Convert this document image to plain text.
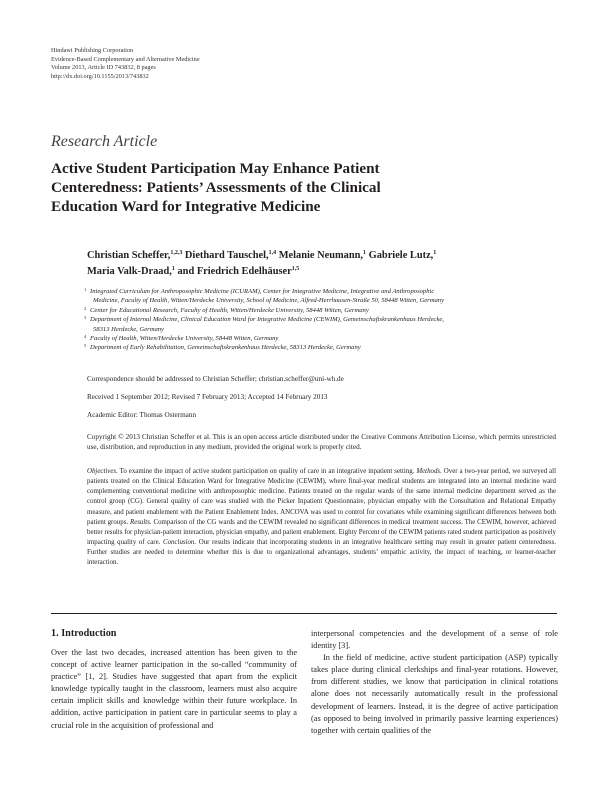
Hindawi Publishing Corporation
Evidence-Based Complementary and Alternative Medicine
Volume 2013, Article ID 743832, 8 pages
http://dx.doi.org/10.1155/2013/743832
Research Article
Active Student Participation May Enhance Patient
Centeredness: Patients’ Assessments of the Clinical
Education Ward for Integrative Medicine
Christian Scheffer,$^{1,2,3}$ Diethard Tauschel,$^{1,4}$ Melanie Neumann,$^1$ Gabriele Lutz,$^1$
Maria Valk-Draad,$^1$ and Friedrich Edelhäuser$^{1,5}$
1 Integrated Curriculum for Anthroposophic Medicine (ICURAM), Center for Integrative Medicine, Integrative and Anthroposophic
Medicine, Faculty of Health, Witten/Herdecke University, School of Medicine, Alfred-Herrhausen-Straße 50, 58448 Witten, Germany
2 Center for Educational Research, Faculty of Health, Witten/Herdecke University, 58448 Witten, Germany
3 Department of Internal Medicine, Clinical Education Ward for Integrative Medicine (CEWIM), Gemeinschaftskrankenhaus Herdecke,
58313 Herdecke, Germany
4 Faculty of Health, Witten/Herdecke University, 58448 Witten, Germany
5 Department of Early Rehabilitation, Gemeinschaftskrankenhaus Herdecke, 58313 Herdecke, Germany
Correspondence should be addressed to Christian Scheffer; christian.scheffer@uni-wh.de
Received 1 September 2012; Revised 7 February 2013; Accepted 14 February 2013
Academic Editor: Thomas Ostermann
Copyright © 2013 Christian Scheffer et al. This is an open access article distributed under the Creative Commons Attribution License, which permits unrestricted use, distribution, and reproduction in any medium, provided the original work is properly cited.
Objectives. To examine the impact of active student participation on quality of care in an integrative inpatient setting. Methods. Over a two-year period, we surveyed all patients treated on the Clinical Education Ward for Integrative Medicine (CEWIM), where final-year medical students are integrated into an internal medicine ward complementing conventional medicine with anthroposophic medicine. Patients treated on the regular wards of the same internal medicine department served as the control group (CG). General quality of care was studied with the Picker Inpatient Questionnaire, physician empathy with the Consultation and Relational Empathy measure, and patient enablement with the Patient Enablement Index. ANCOVA was used to control for covariates while examining significant differences between both patient groups. Results. Comparison of the CG wards and the CEWIM revealed no significant differences in medical treatment success. The CEWIM, however, achieved better results for physician-patient interaction, physician empathy, and patient enablement. Eighty Percent of the CEWIM patients rated student participation as positively impacting quality of care. Conclusion. Our results indicate that incorporating students in an integrative healthcare setting may result in greater patient centeredness. Further studies are needed to determine whether this is due to organizational advantages, students’ empathic activity, the impact of teaching, or learner-teacher interaction.
1. Introduction

Over the last two decades, increased attention has been given to the concept of active learner participation in the so-called “community of practice” [1, 2]. Studies have suggested that apart from the explicit knowledge typically taught in the classroom, learners must also acquire certain implicit skills and knowledge within their future workplace. In addition, active participation in patient care in particular seems to play a crucial role in the acquisition of professional and

interpersonal competencies and the development of a sense of role identity [3].

In the field of medicine, active student participation (ASP) typically takes place during clinical clerkships and final-year rotations. However, from different studies, we know that participation in clinical rotations alone does not necessarily automatically result in the professional development of learners. Instead, it is the degree of active participation (as opposed to being involved in primarily passive learning experiences) together with certain qualities of the
